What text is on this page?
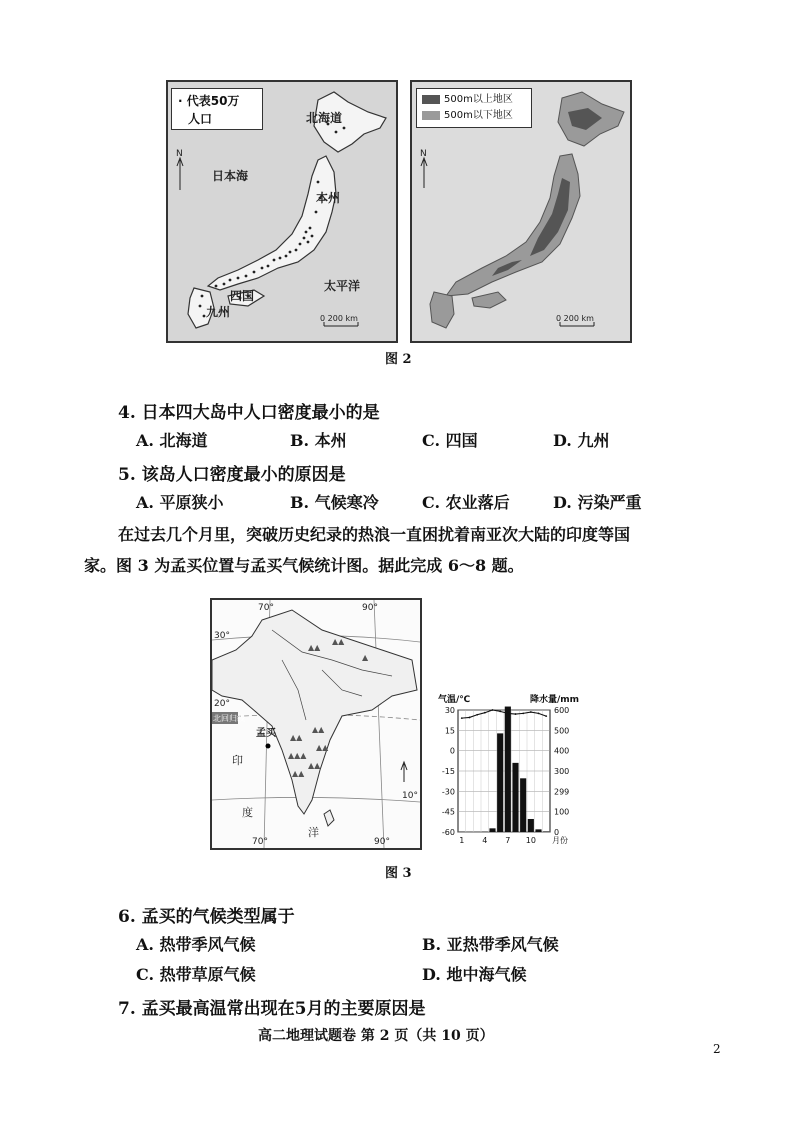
N
0 200 km
北海道
日本海
本州
四国
九州
太平洋
· 代表50万
人口
N
0 200 km
500m以上地区
500m以下地区
图 2
4. 日本四大岛中人口密度最小的是
A. 北海道	B. 本州	C. 四国	D. 九州
5. 该岛人口密度最小的原因是
A. 平原狭小	B. 气候寒冷	C. 农业落后	D. 污染严重
在过去几个月里，突破历史纪录的热浪一直困扰着南亚次大陆的印度等国
家。图 3 为孟买位置与孟买气候统计图。据此完成 6～8 题。
▲▲
▲▲▲
▲▲
▲▲
▲▲
▲▲
▲▲
▲▲
▲
北回归线
孟买
70°	90°
30°
20°
10°
70°	90°
印
度
洋
气温/℃	降水量/mm
30
15
0
-15
-30
-45
-60
600
500
400
300
299
100
0
1 4 7 10 月份
图 3
6. 孟买的气候类型属于
A. 热带季风气候	B. 亚热带季风气候
C. 热带草原气候	D. 地中海气候
7. 孟买最高温常出现在5月的主要原因是
高二地理试题卷 第 2 页（共 10 页）
2
